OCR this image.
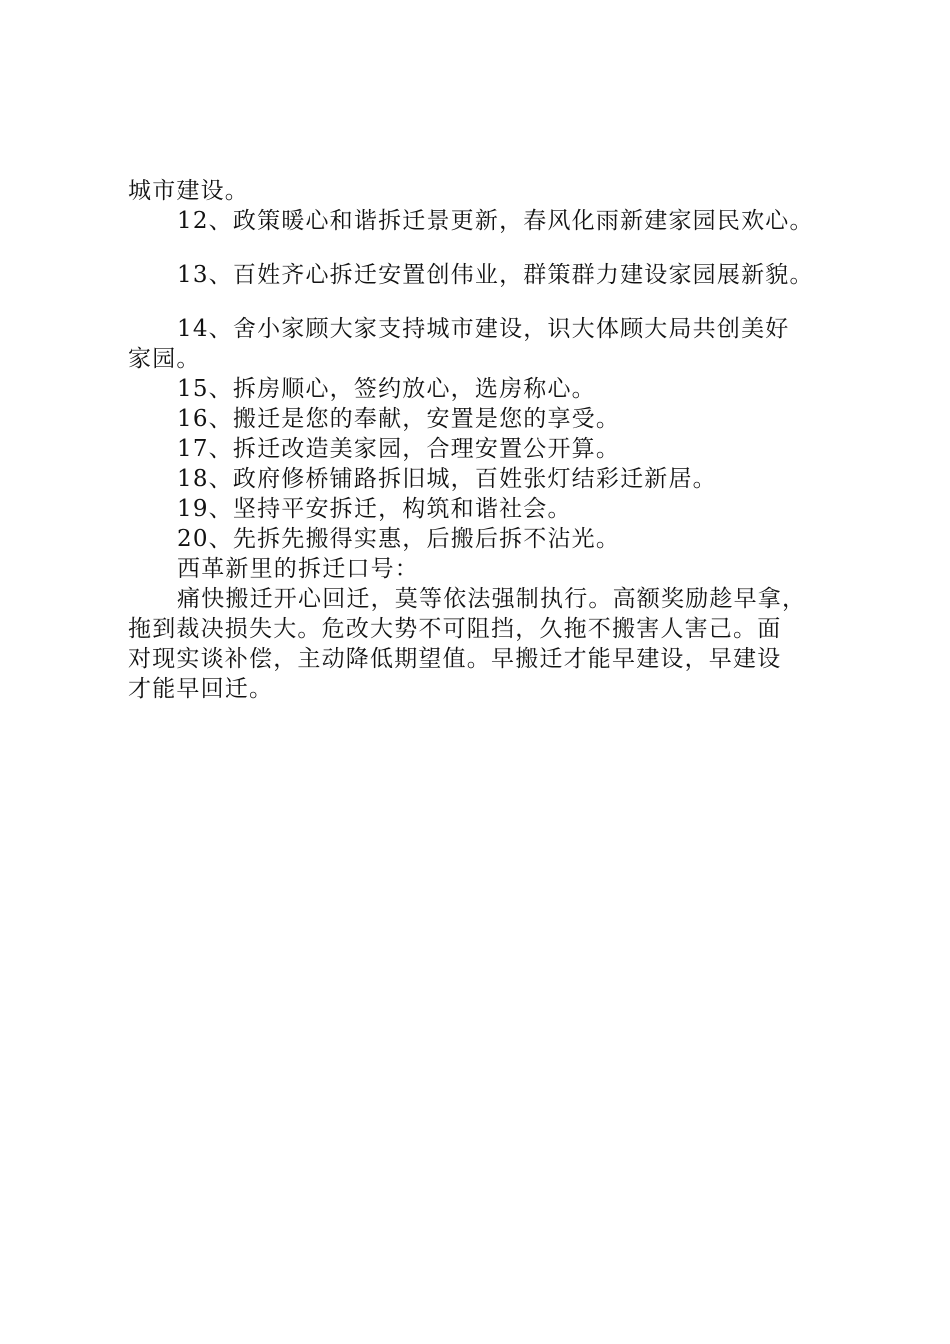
城市建设。
12、政策暖心和谐拆迁景更新，春风化雨新建家园民欢心。
13、百姓齐心拆迁安置创伟业，群策群力建设家园展新貌。
14、舍小家顾大家支持城市建设，识大体顾大局共创美好
家园。
15、拆房顺心，签约放心，选房称心。
16、搬迁是您的奉献，安置是您的享受。
17、拆迁改造美家园，合理安置公开算。
18、政府修桥铺路拆旧城，百姓张灯结彩迁新居。
19、坚持平安拆迁，构筑和谐社会。
20、先拆先搬得实惠，后搬后拆不沾光。
西革新里的拆迁口号：
痛快搬迁开心回迁，莫等依法强制执行。高额奖励趁早拿，
拖到裁决损失大。危改大势不可阻挡，久拖不搬害人害己。面
对现实谈补偿，主动降低期望值。早搬迁才能早建设，早建设
才能早回迁。
